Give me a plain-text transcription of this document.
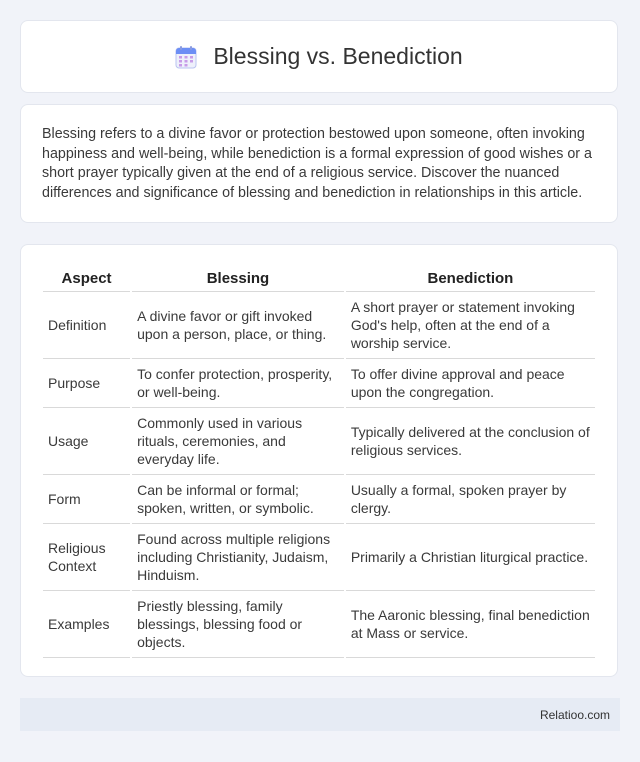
Blessing vs. Benediction

Blessing refers to a divine favor or protection bestowed upon someone, often invoking happiness and well-being, while benediction is a formal expression of good wishes or a short prayer typically given at the end of a religious service. Discover the nuanced differences and significance of blessing and benediction in relationships in this article.

Aspect	Blessing	Benediction
Definition	A divine favor or gift invoked upon a person, place, or thing.	A short prayer or statement invoking God's help, often at the end of a worship service.
Purpose	To confer protection, prosperity, or well-being.	To offer divine approval and peace upon the congregation.
Usage	Commonly used in various rituals, ceremonies, and everyday life.	Typically delivered at the conclusion of religious services.
Form	Can be informal or formal; spoken, written, or symbolic.	Usually a formal, spoken prayer by clergy.
Religious Context	Found across multiple religions including Christianity, Judaism, Hinduism.	Primarily a Christian liturgical practice.
Examples	Priestly blessing, family blessings, blessing food or objects.	The Aaronic blessing, final benediction at Mass or service.
Relatioo.com
